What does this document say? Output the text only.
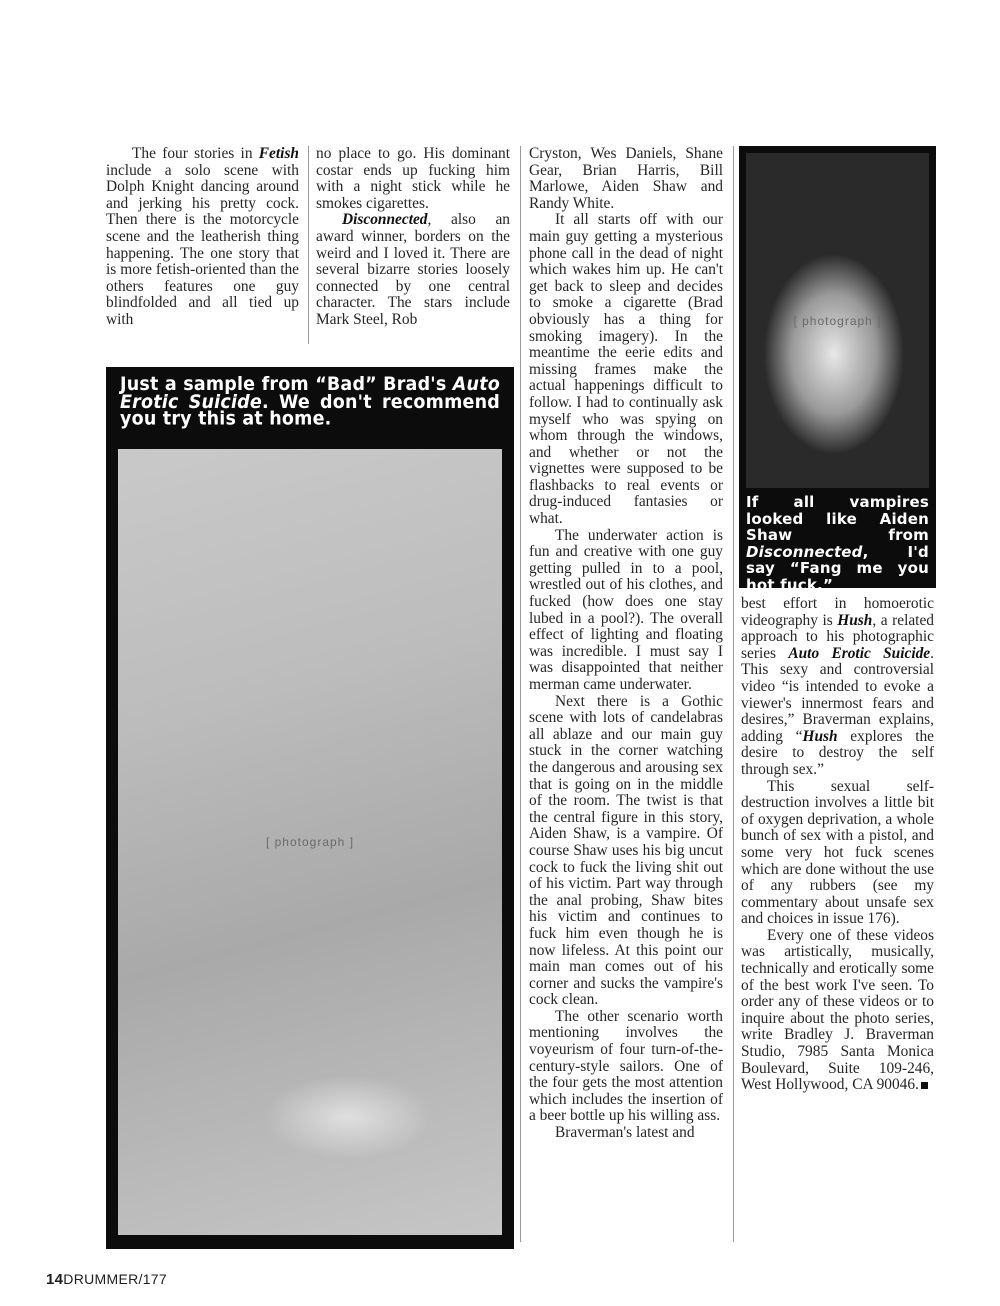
The four stories in Fetish include a solo scene with Dolph Knight dancing around and jerking his pretty cock. Then there is the motorcycle scene and the leatherish thing happening. The one story that is more fetish-oriented than the others features one guy blindfolded and all tied up with

no place to go. His dominant costar ends up fucking him with a night stick while he smokes cigarettes.

Disconnected, also an award winner, borders on the weird and I loved it. There are several bizarre stories loosely connected by one central character. The stars include Mark Steel, Rob

Cryston, Wes Daniels, Shane Gear, Brian Harris, Bill Marlowe, Aiden Shaw and Randy White.

It all starts off with our main guy getting a mysterious phone call in the dead of night which wakes him up. He can't get back to sleep and decides to smoke a cigarette (Brad obviously has a thing for smoking imagery). In the meantime the eerie edits and missing frames make the actual happenings difficult to follow. I had to continually ask myself who was spying on whom through the windows, and whether or not the vignettes were supposed to be flashbacks to real events or drug-induced fantasies or what.

The underwater action is fun and creative with one guy getting pulled in to a pool, wrestled out of his clothes, and fucked (how does one stay lubed in a pool?). The overall effect of lighting and floating was incredible. I must say I was disappointed that neither merman came underwater.

Next there is a Gothic scene with lots of candelabras all ablaze and our main guy stuck in the corner watching the dangerous and arousing sex that is going on in the middle of the room. The twist is that the central figure in this story, Aiden Shaw, is a vampire. Of course Shaw uses his big uncut cock to fuck the living shit out of his victim. Part way through the anal probing, Shaw bites his victim and continues to fuck him even though he is now lifeless. At this point our main man comes out of his corner and sucks the vampire's cock clean.

The other scenario worth mentioning involves the voyeurism of four turn-of-the-century-style sailors. One of the four gets the most attention which includes the insertion of a beer bottle up his willing ass.

Braverman's latest and

Just a sample from “Bad” Brad's Auto Erotic Suicide. We don't recommend you try this at home.
[ photograph ]
[ photograph ]
If all vampires looked like Aiden Shaw from Disconnected, I'd say “Fang me you hot fuck.”

best effort in homoerotic videography is Hush, a related approach to his photographic series Auto Erotic Suicide. This sexy and controversial video “is intended to evoke a viewer's innermost fears and desires,” Braverman explains, adding “Hush explores the desire to destroy the self through sex.”

This sexual self-destruction involves a little bit of oxygen deprivation, a whole bunch of sex with a pistol, and some very hot fuck scenes which are done without the use of any rubbers (see my commentary about unsafe sex and choices in issue 176).

Every one of these videos was artistically, musically, technically and erotically some of the best work I've seen. To order any of these videos or to inquire about the photo series, write Bradley J. Braverman Studio, 7985 Santa Monica Boulevard, Suite 109-246, West Hollywood, CA 90046.

14DRUMMER/177
